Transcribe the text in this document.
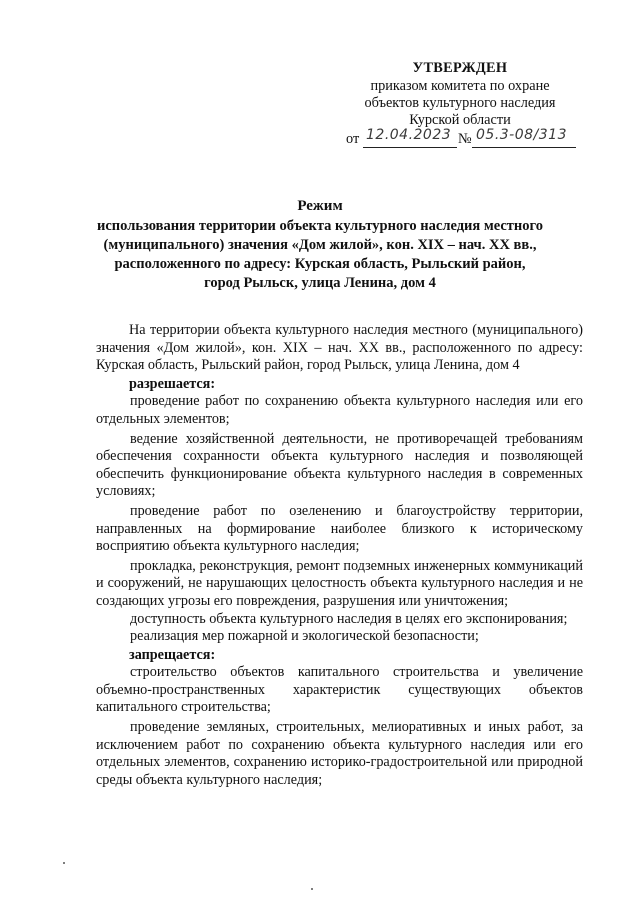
УТВЕРЖДЕН
приказом комитета по охране
объектов культурного наследия
Курской области
от 12.04.2023 № 05.3-08/313
Режим
использования территории объекта культурного наследия местного
(муниципального) значения «Дом жилой», кон. XIX – нач. XX вв.,
расположенного по адресу: Курская область, Рыльский район,
город Рыльск, улица Ленина, дом 4

На территории объекта культурного наследия местного (муниципального) значения «Дом жилой», кон. XIX – нач. XX вв., расположенного по адресу: Курская область, Рыльский район, город Рыльск, улица Ленина, дом 4

разрешается:

проведение работ по сохранению объекта культурного наследия или его отдельных элементов;

ведение хозяйственной деятельности, не противоречащей требованиям обеспечения сохранности объекта культурного наследия и позволяющей обеспечить функционирование объекта культурного наследия в современных условиях;

проведение работ по озеленению и благоустройству территории, направленных на формирование наиболее близкого к историческому восприятию объекта культурного наследия;

прокладка, реконструкция, ремонт подземных инженерных коммуникаций и сооружений, не нарушающих целостность объекта культурного наследия и не создающих угрозы его повреждения, разрушения или уничтожения;

доступность объекта культурного наследия в целях его экспонирования;

реализация мер пожарной и экологической безопасности;

запрещается:

строительство объектов капитального строительства и увеличение объемно-пространственных характеристик существующих объектов капитального строительства;

проведение земляных, строительных, мелиоративных и иных работ, за исключением работ по сохранению объекта культурного наследия или его отдельных элементов, сохранению историко-градостроительной или природной среды объекта культурного наследия;
